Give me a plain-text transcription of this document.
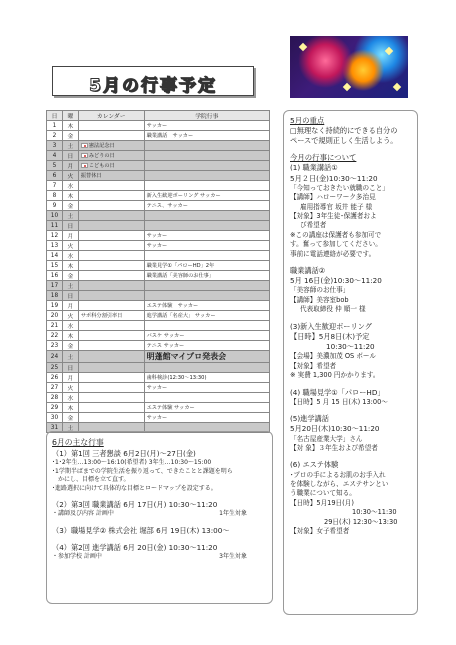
5月の行事予定
日	曜	カレンダー	学院行事
1	木		サッカー
2	金		職業講話　サッカー
3	土	憲法記念日	
4	日	みどりの日	
5	月	こどもの日	
6	火	振替休日	
7	水		
8	木		新入生歓迎ボーリング サッカー
9	金		テニス、サッカー
10	土		
11	日		
12	月		サッカー
13	火		サッカー
14	水		
15	木		職業見学①「パローHD」2年
16	金		職業講話「美容師のお仕事」
17	土		
18	日		
19	月		エステ体験　サッカー
20	火	サポ科分割引率日	進学講話「名産大」 サッカー
21	水		
22	木		バスケ サッカー
23	金		テニス サッカー
24	土		明蓬館マイプロ発表会
25	日		
26	月		歯科検診(12:30～13:30)
27	火		サッカー
28	水		
29	木		エステ体験 サッカー
30	金		サッカー
31	土		
6月の主な行事
（1）第1回 三者懇談 6月2日(月)～27日(金)
･1･2年生…13:00～16:10(希望者) 3年生…10:30～15:00
･1学期半ばまでの学院生活を振り返って、できたことと課題を明ら
かにし、目標を立て直す。
･進路選択に向けて具体的な目標とロードマップを設定する。
（2）第3回 職業講話 6月 17日(月) 10:30～11:20
・講師及び内容 計画中	1年生対象
（3）職場見学② 株式会社 堀部 6月 19日(木) 13:00～
（4）第2回 進学講話 6月 20日(金) 10:30～11:20
・参加学校 計画中	3年生対象
5月の重点
□無理なく持続的にできる自分の
ペースで規則正しく生活しよう。
今月の行事について
(1) 職業講話①
5月２日(金)10:30～11:20
「今知っておきたい就職のこと」
【講師】ハローワーク多治見
雇用指導官 坂井 能子 様
【対象】3年生徒･保護者およ
び希望者
※この講座は保護者も参加可で
す。奮って参加してください。
事前に電話連絡が必要です。
職業講話②
5月 16日(金)10:30～11:20
「美容師のお仕事」
【講師】美容室bob
代表取締役 仲 順一 様
(3)新入生歓迎ボーリング
【日時】5月8日(木)予定
10:30～11:20
【会場】美濃加茂 OS ボール
【対象】希望者
※ 実費 1,300 円かかります。
(4) 職場見学①「パローHD」
【日時】5 月 15 日(木) 13:00～
(5)進学講話
5月20日(木)10:30～11:20
「名古屋産業大学」さん
【対 象】３年生および希望者
(6) エステ体験
･プロの手によるお肌のお手入れ
を体験しながら、エステサンとい
う職業について知る。
【日時】5月19日(月)
10:30～11:30
29日(木) 12:30～13:30
【対象】女子希望者
